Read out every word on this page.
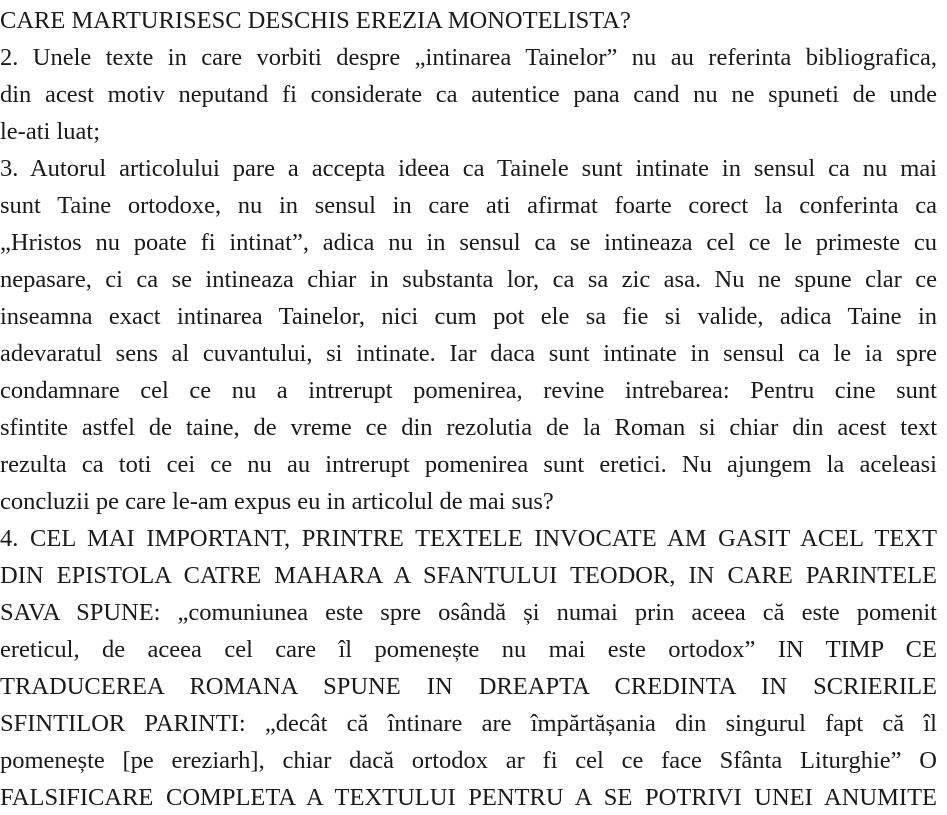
CARE MARTURISESC DESCHIS EREZIA MONOTELISTA?
2. Unele texte in care vorbiti despre „intinarea Tainelor” nu au referinta bibliografica,
din acest motiv neputand fi considerate ca autentice pana cand nu ne spuneti de unde
le-ati luat;
3. Autorul articolului pare a accepta ideea ca Tainele sunt intinate in sensul ca nu mai
sunt Taine ortodoxe, nu in sensul in care ati afirmat foarte corect la conferinta ca
„Hristos nu poate fi intinat”, adica nu in sensul ca se intineaza cel ce le primeste cu
nepasare, ci ca se intineaza chiar in substanta lor, ca sa zic asa. Nu ne spune clar ce
inseamna exact intinarea Tainelor, nici cum pot ele sa fie si valide, adica Taine in
adevaratul sens al cuvantului, si intinate. Iar daca sunt intinate in sensul ca le ia spre
condamnare cel ce nu a intrerupt pomenirea, revine intrebarea: Pentru cine sunt
sfintite astfel de taine, de vreme ce din rezolutia de la Roman si chiar din acest text
rezulta ca toti cei ce nu au intrerupt pomenirea sunt eretici. Nu ajungem la aceleasi
concluzii pe care le-am expus eu in articolul de mai sus?
4. CEL MAI IMPORTANT, PRINTRE TEXTELE INVOCATE AM GASIT ACEL TEXT
DIN EPISTOLA CATRE MAHARA A SFANTULUI TEODOR, IN CARE PARINTELE
SAVA SPUNE: „comuniunea este spre osândă și numai prin aceea că este pomenit
ereticul, de aceea cel care îl pomenește nu mai este ortodox” IN TIMP CE
TRADUCEREA ROMANA SPUNE IN DREAPTA CREDINTA IN SCRIERILE
SFINTILOR PARINTI: „decât că întinare are împărtășania din singurul fapt că îl
pomenește [pe ereziarh], chiar dacă ortodox ar fi cel ce face Sfânta Liturghie” O
FALSIFICARE COMPLETA A TEXTULUI PENTRU A SE POTRIVI UNEI ANUMITE
